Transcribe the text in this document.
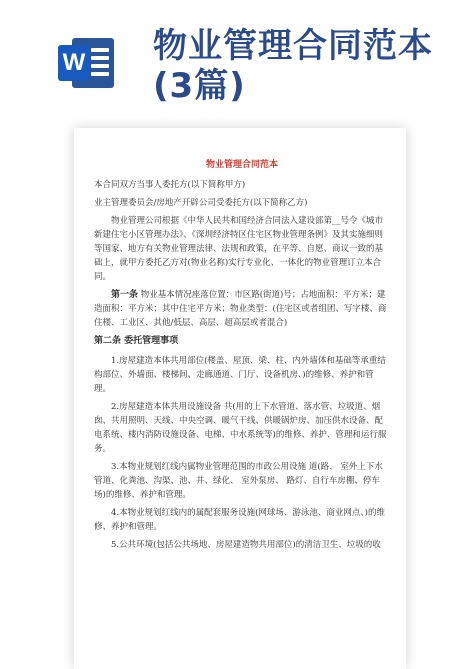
W 物业管理合同范本
(3篇)
物业管理合同范本
本合同双方当事人委托方(以下简称甲方)
业主管理委员会/房地产开辟公司受委托方(以下简称乙方)
物业管理公司根据《中华人民共和国经济合同法入建设部第__号令《城市新建住宅小区管理办法》、《深圳经济特区住宅区物业管理条例》及其实施细则等国家、地方有关物业管理法律、法规和政策，在平等、自愿、商议一致的基础上，就甲方委托乙方对(物业名称)实行专业化、一体化的物业管理订立本合同。
第一条 物业基本情况座落位置：市区路(街道)号；占地面积：平方米；建造面积：平方米；其中住宅平方米；物业类型：(住宅区或者组团、写字楼、商 住楼、工业区、其他/低层、高层、超高层或者混合)
第二条 委托管理事项
1.房屋建造本体共用部位(楼盖、屋顶、梁、柱、内外墙体和基础等承重结构部位、外墙面、楼梯间、走廊通道、门厅、设备机房、)的维修、养护和管理。
2.房屋建造本体共用设施设备 共(用的上下水管道、落水管、垃圾道、烟囱、共用照明、天线、中央空调、暖气干线、供暖锅炉房、加压供水设备、配电系统、楼内消防设施设备、电梯、中水系统等)的维修、养护、管理和运行服务。
3.本物业规划红线内属物业管理范围的市政公用设施 道(路、 室外上下水管道、化粪池、沟渠、池、井、绿化、 室外泵房、 路灯、自行车房棚、停车场)的维修、养护和管理。
4.本物业规划红线内的属配套服务设施(网球场、游泳池、商业网点、)的维修、养护和管理。
5.公共环境(包括公共场地、房屋建造物共用部位)的清洁卫生、垃圾的收
